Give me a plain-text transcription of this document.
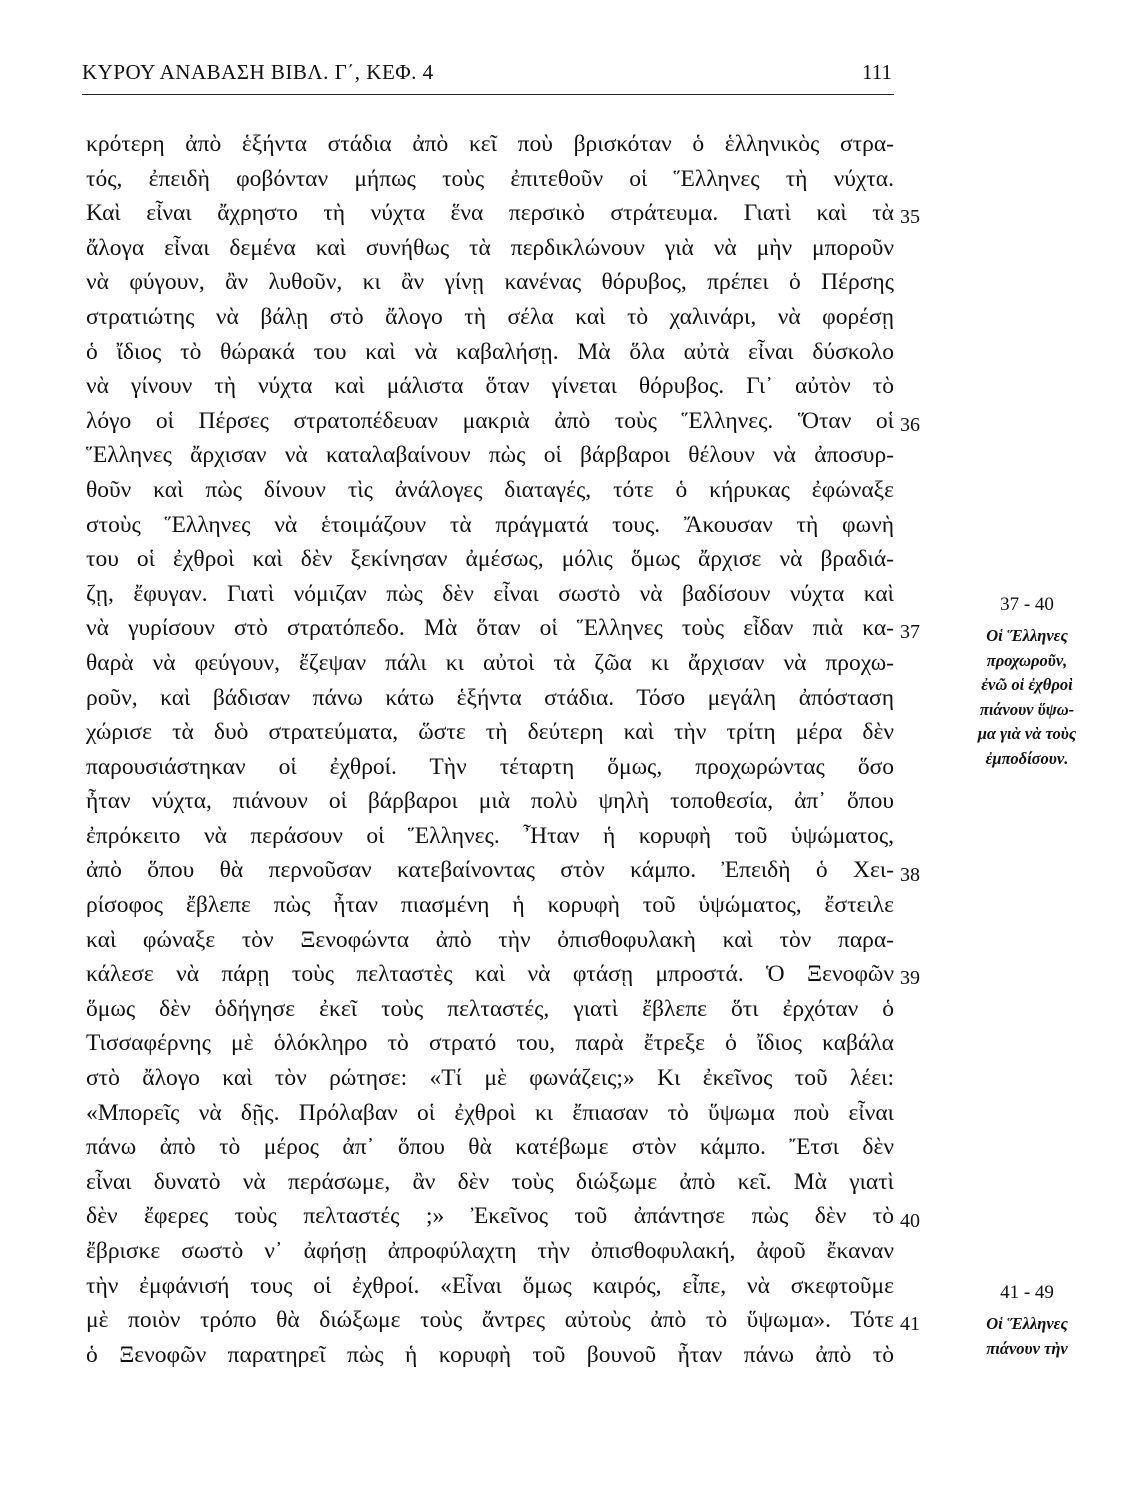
ΚΥΡΟΥ ΑΝΑΒΑΣΗ ΒΙΒΛ. Γ΄, ΚΕΦ. 4	111
κρότερη ἀπὸ ἑξήντα στάδια ἀπὸ κεῖ ποὺ βρισκόταν ὁ ἑλληνικὸς στρα-
τός, ἐπειδὴ φοβόνταν μήπως τοὺς ἐπιτεθοῦν οἱ Ἕλληνες τὴ νύχτα.
Καὶ εἶναι ἄχρηστο τὴ νύχτα ἕνα περσικὸ στράτευμα. Γιατὶ καὶ τὰ
ἄλογα εἶναι δεμένα καὶ συνήθως τὰ περδικλώνουν γιὰ νὰ μὴν μποροῦν
νὰ φύγουν, ἂν λυθοῦν, κι ἂν γίνῃ κανένας θόρυβος, πρέπει ὁ Πέρσης
στρατιώτης νὰ βάλῃ στὸ ἄλογο τὴ σέλα καὶ τὸ χαλινάρι, νὰ φορέσῃ
ὁ ἴδιος τὸ θώρακά του καὶ νὰ καβαλήσῃ. Μὰ ὅλα αὐτὰ εἶναι δύσκολο
νὰ γίνουν τὴ νύχτα καὶ μάλιστα ὅταν γίνεται θόρυβος. Γι᾽ αὐτὸν τὸ
λόγο οἱ Πέρσες στρατοπέδευαν μακριὰ ἀπὸ τοὺς Ἕλληνες. Ὅταν οἱ
Ἕλληνες ἄρχισαν νὰ καταλαβαίνουν πὼς οἱ βάρβαροι θέλουν νὰ ἀποσυρ-
θοῦν καὶ πὼς δίνουν τὶς ἀνάλογες διαταγές, τότε ὁ κήρυκας ἐφώναξε
στοὺς Ἕλληνες νὰ ἑτοιμάζουν τὰ πράγματά τους. Ἄκουσαν τὴ φωνὴ
του οἱ ἐχθροὶ καὶ δὲν ξεκίνησαν ἀμέσως, μόλις ὅμως ἄρχισε νὰ βραδιά-
ζῃ, ἔφυγαν. Γιατὶ νόμιζαν πὼς δὲν εἶναι σωστὸ νὰ βαδίσουν νύχτα καὶ
νὰ γυρίσουν στὸ στρατόπεδο. Μὰ ὅταν οἱ Ἕλληνες τοὺς εἶδαν πιὰ κα-
θαρὰ νὰ φεύγουν, ἔζεψαν πάλι κι αὐτοὶ τὰ ζῶα κι ἄρχισαν νὰ προχω-
ροῦν, καὶ βάδισαν πάνω κάτω ἑξήντα στάδια. Τόσο μεγάλη ἀπόσταση
χώρισε τὰ δυὸ στρατεύματα, ὥστε τὴ δεύτερη καὶ τὴν τρίτη μέρα δὲν
παρουσιάστηκαν οἱ ἐχθροί. Τὴν τέταρτη ὅμως, προχωρώντας ὅσο
ἦταν νύχτα, πιάνουν οἱ βάρβαροι μιὰ πολὺ ψηλὴ τοποθεσία, ἀπ᾽ ὅπου
ἐπρόκειτο νὰ περάσουν οἱ Ἕλληνες. Ἦταν ἡ κορυφὴ τοῦ ὑψώματος,
ἀπὸ ὅπου θὰ περνοῦσαν κατεβαίνοντας στὸν κάμπο. Ἐπειδὴ ὁ Χει-
ρίσοφος ἔβλεπε πὼς ἦταν πιασμένη ἡ κορυφὴ τοῦ ὑψώματος, ἔστειλε
καὶ φώναξε τὸν Ξενοφώντα ἀπὸ τὴν ὀπισθοφυλακὴ καὶ τὸν παρα-
κάλεσε νὰ πάρῃ τοὺς πελταστὲς καὶ νὰ φτάσῃ μπροστά. Ὁ Ξενοφῶν
ὅμως δὲν ὁδήγησε ἐκεῖ τοὺς πελταστές, γιατὶ ἔβλεπε ὅτι ἐρχόταν ὁ
Τισσαφέρνης μὲ ὁλόκληρο τὸ στρατό του, παρὰ ἔτρεξε ὁ ἴδιος καβάλα
στὸ ἄλογο καὶ τὸν ρώτησε: «Τί μὲ φωνάζεις;» Κι ἐκεῖνος τοῦ λέει:
«Μπορεῖς νὰ δῇς. Πρόλαβαν οἱ ἐχθροὶ κι ἔπιασαν τὸ ὕψωμα ποὺ εἶναι
πάνω ἀπὸ τὸ μέρος ἀπ᾽ ὅπου θὰ κατέβωμε στὸν κάμπο. Ἔτσι δὲν
εἶναι δυνατὸ νὰ περάσωμε, ἂν δὲν τοὺς διώξωμε ἀπὸ κεῖ. Μὰ γιατὶ
δὲν ἔφερες τοὺς πελταστές ;» Ἐκεῖνος τοῦ ἀπάντησε πὼς δὲν τὸ
ἔβρισκε σωστὸ ν᾽ ἀφήσῃ ἀπροφύλαχτη τὴν ὀπισθοφυλακή, ἀφοῦ ἔκαναν
τὴν ἐμφάνισή τους οἱ ἐχθροί. «Εἶναι ὅμως καιρός, εἶπε, νὰ σκεφτοῦμε
μὲ ποιὸν τρόπο θὰ διώξωμε τοὺς ἄντρες αὐτοὺς ἀπὸ τὸ ὕψωμα». Τότε
ὁ Ξενοφῶν παρατηρεῖ πὼς ἡ κορυφὴ τοῦ βουνοῦ ἦταν πάνω ἀπὸ τὸ
35
36
37
38
39
40
41
37 - 40
Οἱ Ἕλληνες
προχωροῦν,
ἐνῶ οἱ ἐχθροὶ
πιάνουν ὕψω-
μα γιὰ νὰ τοὺς
ἐμποδίσουν.
41 - 49
Οἱ Ἕλληνες
πιάνουν τὴν
